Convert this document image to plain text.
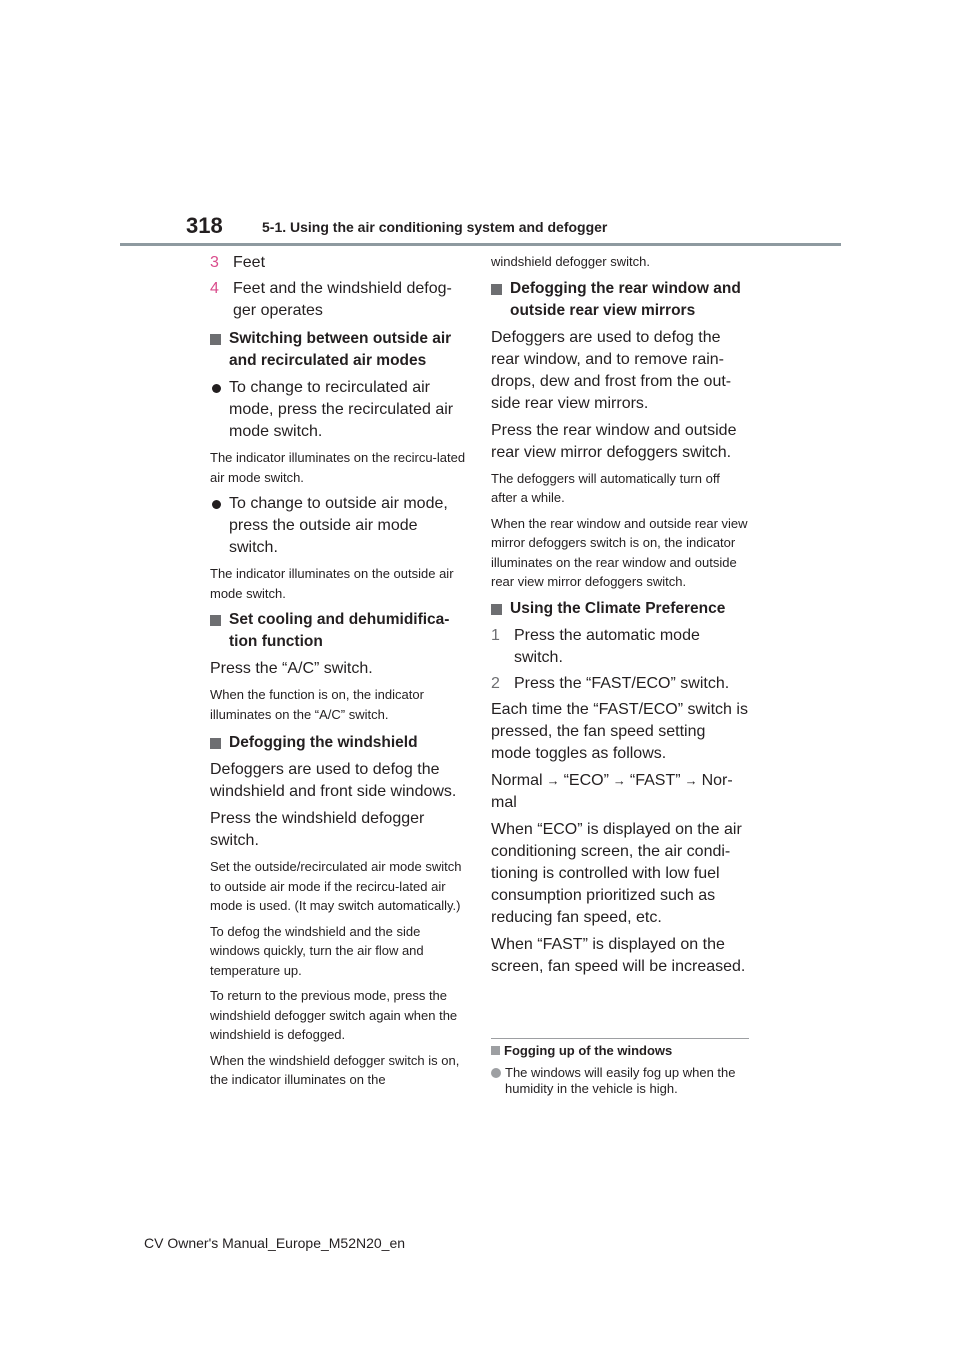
318	5-1. Using the air conditioning system and defogger
3 Feet
4 Feet and the windshield defog-ger operates
Switching between outside air and recirculated air modes
To change to recirculated air mode, press the recirculated air mode switch.

The indicator illuminates on the recircu-lated air mode switch.

To change to outside air mode, press the outside air mode switch.

The indicator illuminates on the outside air mode switch.

Set cooling and dehumidifica-tion function

Press the “A/C” switch.

When the function is on, the indicator illuminates on the “A/C” switch.

Defogging the windshield

Defoggers are used to defog the windshield and front side windows.

Press the windshield defogger switch.

Set the outside/recirculated air mode switch to outside air mode if the recircu-lated air mode is used. (It may switch automatically.)

To defog the windshield and the side windows quickly, turn the air flow and temperature up.

To return to the previous mode, press the windshield defogger switch again when the windshield is defogged.

When the windshield defogger switch is on, the indicator illuminates on the

windshield defogger switch.

Defogging the rear window and outside rear view mirrors

Defoggers are used to defog the rear window, and to remove rain-drops, dew and frost from the out-side rear view mirrors.

Press the rear window and outside rear view mirror defoggers switch.

The defoggers will automatically turn off after a while.

When the rear window and outside rear view mirror defoggers switch is on, the indicator illuminates on the rear window and outside rear view mirror defoggers switch.

Using the Climate Preference
1 Press the automatic mode switch.
2 Press the “FAST/ECO” switch.

Each time the “FAST/ECO” switch is pressed, the fan speed setting mode toggles as follows.

Normal → “ECO” → “FAST” → Nor-mal

When “ECO” is displayed on the air conditioning screen, the air condi-tioning is controlled with low fuel consumption prioritized such as reducing fan speed, etc.

When “FAST” is displayed on the screen, fan speed will be increased.

Fogging up of the windows
The windows will easily fog up when the humidity in the vehicle is high.
CV Owner's Manual_Europe_M52N20_en
